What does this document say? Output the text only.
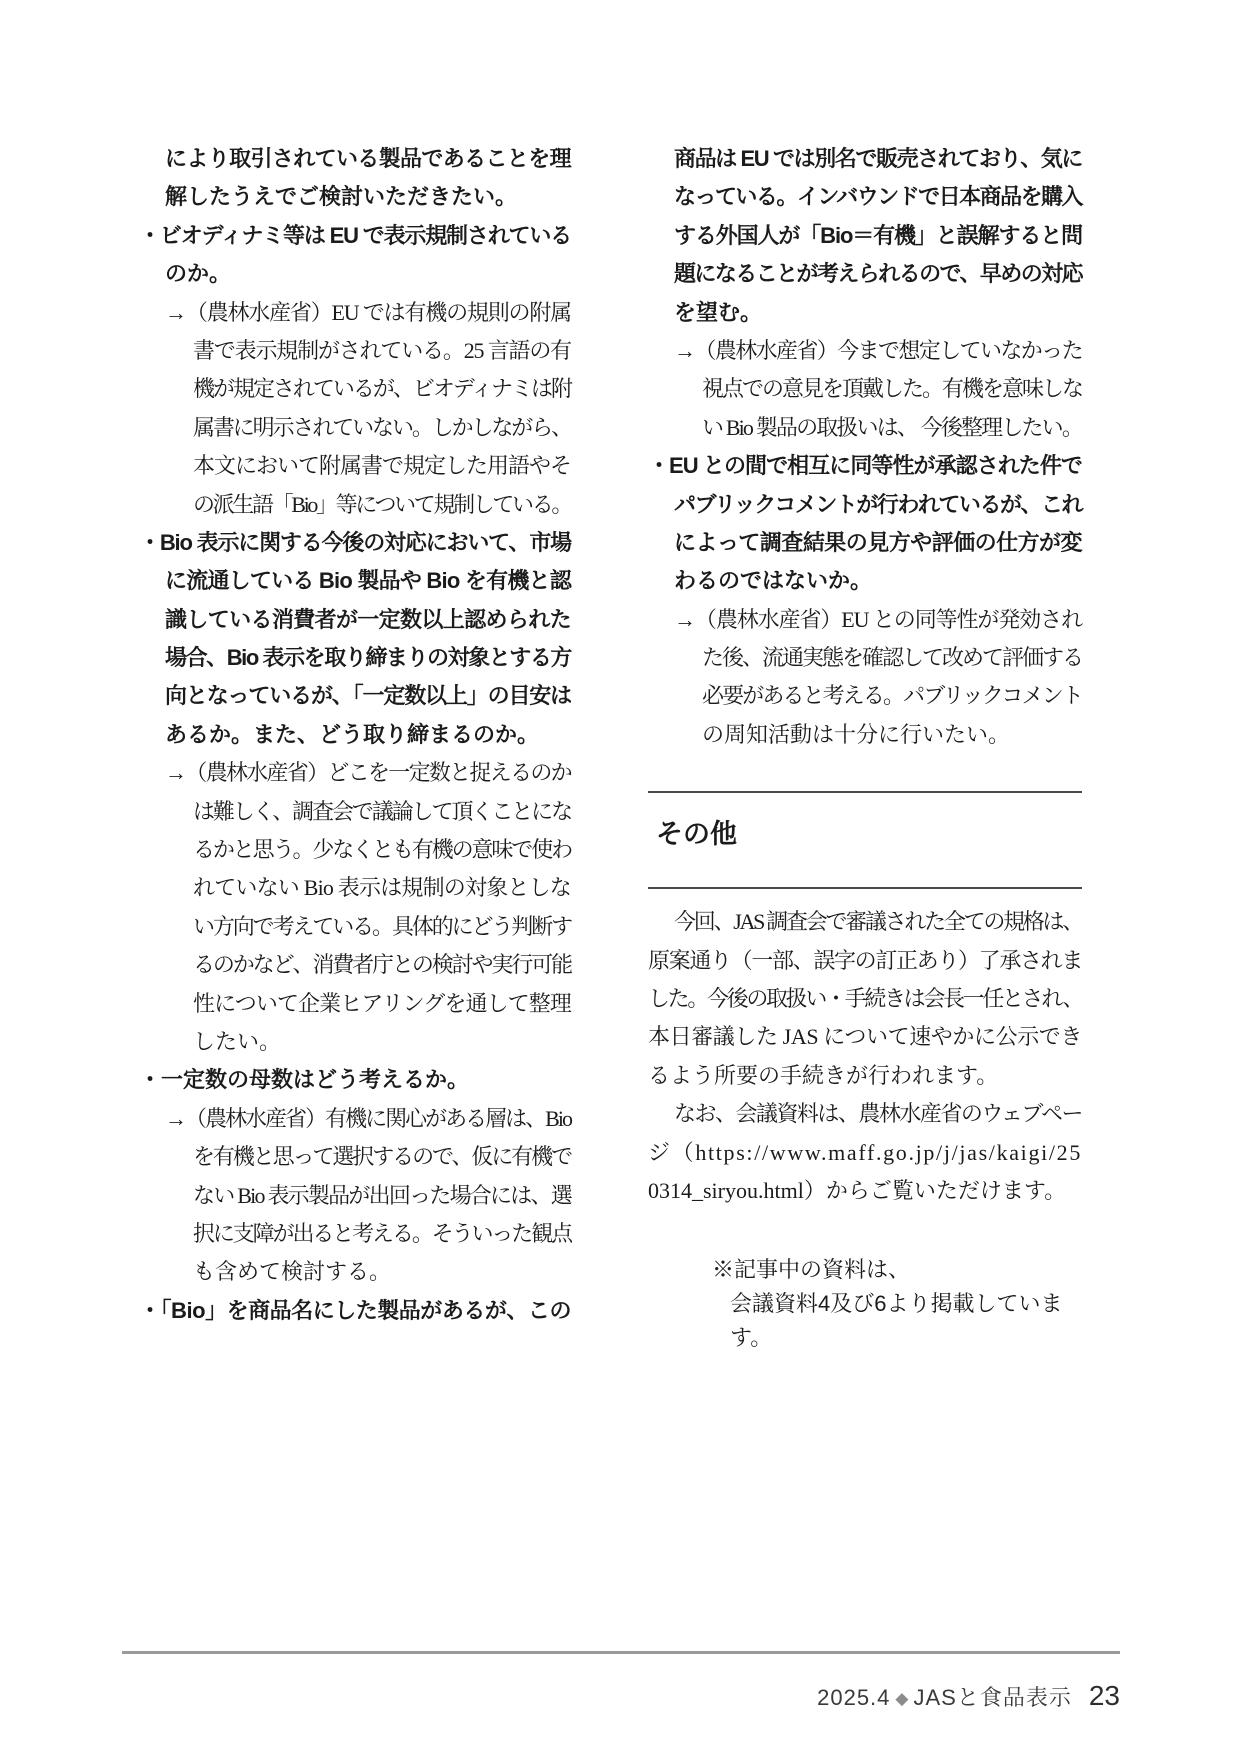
により取引されている製品であることを理
解したうえでご検討いただきたい。
・ビオディナミ等は EU で表示規制されている
のか。
→（農林水産省）EU では有機の規則の附属
書で表示規制がされている。25 言語の有
機が規定されているが、ビオディナミは附
属書に明示されていない。しかしながら、
本文において附属書で規定した用語やそ
の派生語「Bio」等について規制している。
・Bio 表示に関する今後の対応において、市場
に流通している Bio 製品や Bio を有機と認
識している消費者が一定数以上認められた
場合、Bio 表示を取り締まりの対象とする方
向となっているが、「一定数以上」の目安は
あるか。また、どう取り締まるのか。
→（農林水産省）どこを一定数と捉えるのか
は難しく、調査会で議論して頂くことにな
るかと思う。少なくとも有機の意味で使わ
れていない Bio 表示は規制の対象としな
い方向で考えている。具体的にどう判断す
るのかなど、消費者庁との検討や実行可能
性について企業ヒアリングを通して整理
したい。
・一定数の母数はどう考えるか。
→（農林水産省）有機に関心がある層は、Bio
を有機と思って選択するので、仮に有機で
ない Bio 表示製品が出回った場合には、選
択に支障が出ると考える。そういった観点
も含めて検討する。
・「Bio」を商品名にした製品があるが、この
商品は EU では別名で販売されており、気に
なっている。インバウンドで日本商品を購入
する外国人が「Bio＝有機」と誤解すると問
題になることが考えられるので、早めの対応
を望む。
→（農林水産省）今まで想定していなかった
視点での意見を頂戴した。有機を意味しな
い Bio 製品の取扱いは、 今後整理したい。
・EU との間で相互に同等性が承認された件で
パブリックコメントが行われているが、これ
によって調査結果の見方や評価の仕方が変
わるのではないか。
→（農林水産省）EU との同等性が発効され
た後、流通実態を確認して改めて評価する
必要があると考える。パブリックコメント
の周知活動は十分に行いたい。
その他
今回、JAS 調査会で審議された全ての規格は、
原案通り（一部、誤字の訂正あり）了承されま
した。今後の取扱い・手続きは会長一任とされ、
本日審議した JAS について速やかに公示でき
るよう所要の手続きが行われます。
なお、会議資料は、農林水産省のウェブペー
ジ（https://www.maff.go.jp/j/jas/kaigi/25
0314_siryou.html）からご覧いただけます。
※記事中の資料は、
会議資料4及び6より掲載しています。
2025.4 ◆ JASと食品表示 23
